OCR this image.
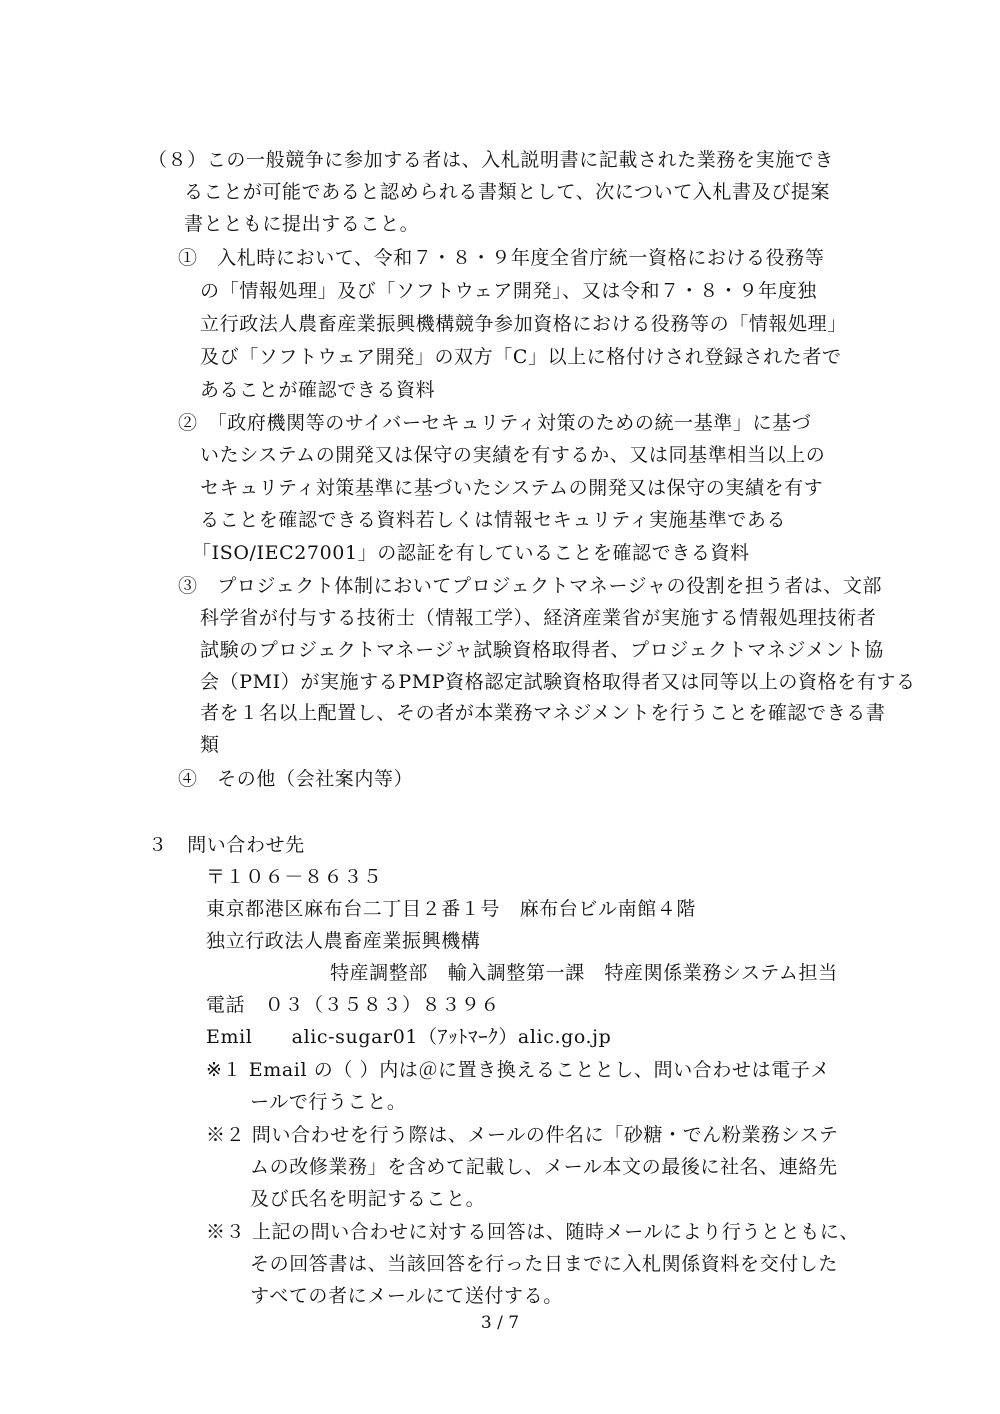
（８）この一般競争に参加する者は、入札説明書に記載された業務を実施でき
ることが可能であると認められる書類として、次について入札書及び提案
書とともに提出すること。
①　入札時において、令和７・８・９年度全省庁統一資格における役務等
の「情報処理」及び「ソフトウェア開発」、又は令和７・８・９年度独
立行政法人農畜産業振興機構競争参加資格における役務等の「情報処理」
及び「ソフトウェア開発」の双方「C」以上に格付けされ登録された者で
あることが確認できる資料
②　「政府機関等のサイバーセキュリティ対策のための統一基準」に基づ
いたシステムの開発又は保守の実績を有するか、又は同基準相当以上の
セキュリティ対策基準に基づいたシステムの開発又は保守の実績を有す
ることを確認できる資料若しくは情報セキュリティ実施基準である
「ISO/IEC27001」の認証を有していることを確認できる資料
③　プロジェクト体制においてプロジェクトマネージャの役割を担う者は、文部
科学省が付与する技術士（情報工学）、経済産業省が実施する情報処理技術者
試験のプロジェクトマネージャ試験資格取得者、プロジェクトマネジメント協
会（PMI）が実施するPMP資格認定試験資格取得者又は同等以上の資格を有する
者を１名以上配置し、その者が本業務マネジメントを行うことを確認できる書
類
④　その他（会社案内等）
３　問い合わせ先
〒１０６－８６３５
東京都港区麻布台二丁目２番１号　麻布台ビル南館４階
独立行政法人農畜産業振興機構
特産調整部　輸入調整第一課　特産関係業務システム担当
電話　０３（３５８３）８３９６
Emil　　alic-sugar01（ｱｯﾄﾏｰｸ）alic.go.jp
※１ Email の（ ）内は＠に置き換えることとし、問い合わせは電子メ
ールで行うこと。
※２ 問い合わせを行う際は、メールの件名に「砂糖・でん粉業務システ
ムの改修業務」を含めて記載し、メール本文の最後に社名、連絡先
及び氏名を明記すること。
※３ 上記の問い合わせに対する回答は、随時メールにより行うとともに、
その回答書は、当該回答を行った日までに入札関係資料を交付した
すべての者にメールにて送付する。
3 / 7
